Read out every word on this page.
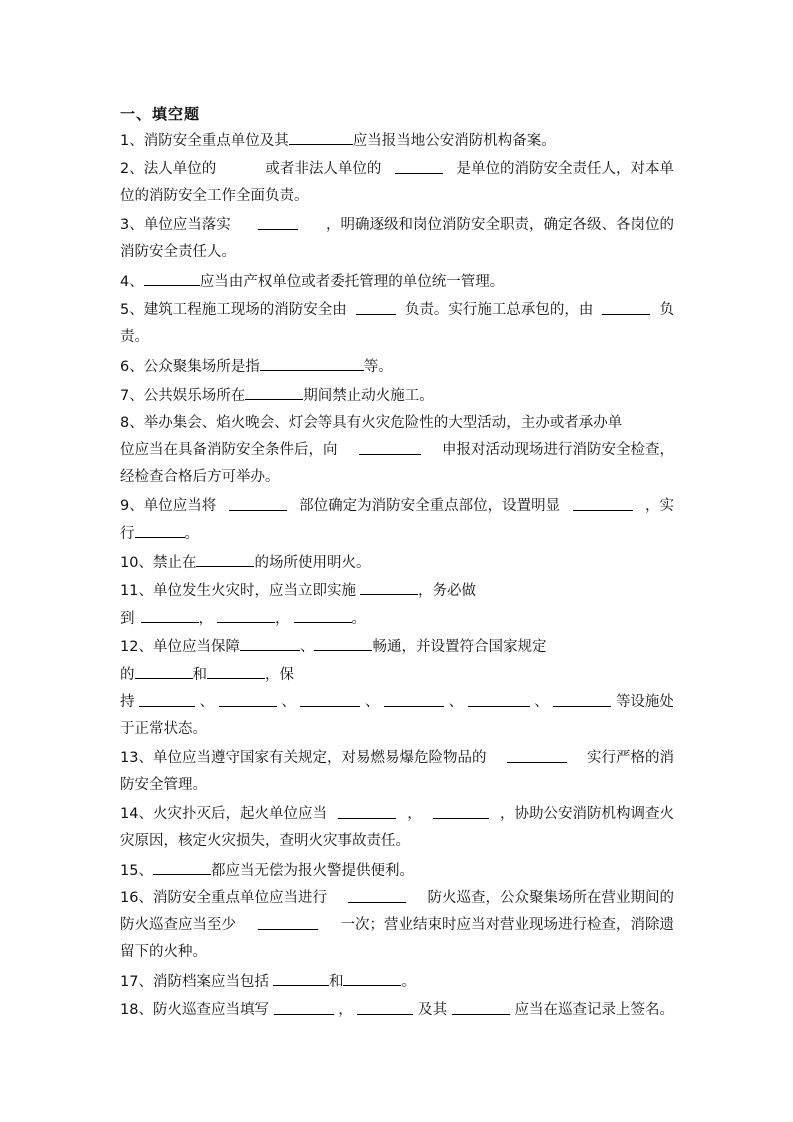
一、填空题
1、消防安全重点单位及其	应当报当地公安消防机构备案。
2、法人单位的	或者非法人单位的	是单位的消防安全责任人，对本单
位的消防安全工作全面负责。
3、单位应当落实	，明确逐级和岗位消防安全职责，确定各级、各岗位的
消防安全责任人。
4、	应当由产权单位或者委托管理的单位统一管理。
5、建筑工程施工现场的消防安全由	负责。实行施工总承包的，由	负
责。
6、公众聚集场所是指	等。
7、公共娱乐场所在	期间禁止动火施工。
8、举办集会、焰火晚会、灯会等具有火灾危险性的大型活动，主办或者承办单
位应当在具备消防安全条件后，向	申报对活动现场进行消防安全检查，
经检查合格后方可举办。
9、单位应当将	部位确定为消防安全重点部位，设置明显	，实
行	。
10、禁止在	的场所使用明火。
11、单位发生火灾时，应当立即实施	，务必做
到	，	，	。
12、单位应当保障	、	畅通，并设置符合国家规定
的	和	，保
持	、	、	、	、	、	等设施处
于正常状态。
13、单位应当遵守国家有关规定，对易燃易爆危险物品的	实行严格的消
防安全管理。
14、火灾扑灭后，起火单位应当	，	，协助公安消防机构调查火
灾原因，核定火灾损失，查明火灾事故责任。
15、	都应当无偿为报火警提供便利。
16、消防安全重点单位应当进行	防火巡查，公众聚集场所在营业期间的
防火巡查应当至少	一次；营业结束时应当对营业现场进行检查，消除遗
留下的火种。
17、消防档案应当包括	和	。
18、防火巡查应当填写	，	及其	应当在巡查记录上签名。
